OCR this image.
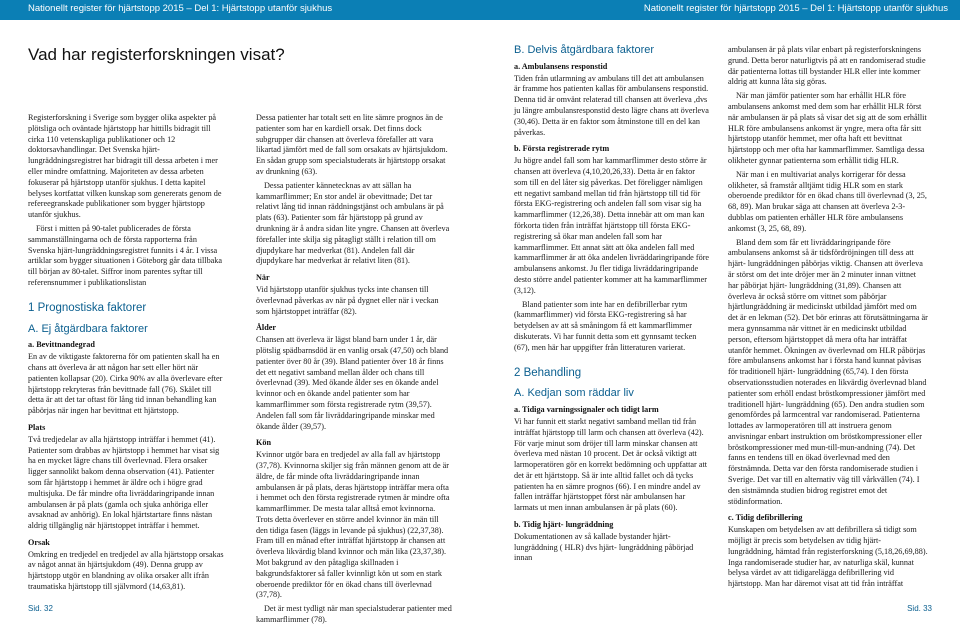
Nationellt register för hjärtstopp 2015 – Del 1: Hjärtstopp utanför sjukhus	Nationellt register för hjärtstopp 2015 – Del 1: Hjärtstopp utanför sjukhus
Vad har registerforskningen visat?

Registerforskning i Sverige som bygger olika aspekter på plötsliga och oväntade hjärtstopp har hittills bidragit till cirka 110 vetenskapliga publikationer och 12 doktorsavhandlingar. Det Svenska hjärt-lungräddningsregistret har bidragit till dessa arbeten i mer eller mindre omfattning. Majoriteten av dessa arbeten fokuserar på hjärtstopp utanför sjukhus. I detta kapitel belyses kortfattat vilken kunskap som genererats genom de refereegranskade publikationer som bygger hjärtstopp utanför sjukhus.

Först i mitten på 90-talet publicerades de första sammanställningarna och de första rapporterna från Svenska hjärt-lungräddningsregistret funnits i 4 år. I vissa artiklar som bygger situationen i Göteborg går data tillbaka till början av 80-talet. Siffror inom parentes syftar till referensnummer i publikationslistan

1 Prognostiska faktorer
A. Ej åtgärdbara faktorer
a. Bevittnandegrad

En av de viktigaste faktorerna för om patienten skall ha en chans att överleva är att någon har sett eller hört när patienten kollapsar (20). Cirka 90% av alla överlevare efter hjärtstopp rekryteras från bevittnade fall (76). Skälet till detta är att det tar oftast för lång tid innan behandling kan påbörjas när ingen har bevittnat ett hjärtstopp.

Plats

Två tredjedelar av alla hjärtstopp inträffar i hemmet (41). Patienter som drabbas av hjärtstopp i hemmet har visat sig ha en mycket lägre chans till överlevnad. Flera orsaker ligger sannolikt bakom denna observation (41). Patienter som får hjärtstopp i hemmet är äldre och i högre grad multisjuka. De får mindre ofta livräddaringripande innan ambulansen är på plats (gamla och sjuka anhöriga eller avsaknad av anhörig). En lokal hjärtstartare finns nästan aldrig tillgänglig när hjärtstoppet inträffar i hemmet.

Orsak

Omkring en tredjedel en tredjedel av alla hjärtstopp orsakas av något annat än hjärtsjukdom (49). Denna grupp av hjärtstopp utgör en blandning av olika orsaker allt ifrån traumatiska hjärtstopp till självmord (14,63,81).

Dessa patienter har totalt sett en lite sämre prognos än de patienter som har en kardiell orsak. Det finns dock subgrupper där chansen att överleva förefaller att vara likartad jämfört med de fall som orsakats av hjärtsjukdom. En sådan grupp som specialstuderats är hjärtstopp orsakat av drunkning (63).

Dessa patienter kännetecknas av att sällan ha kammarflimmer; En stor andel är obevittnade; Det tar relativt lång tid innan räddningstjänst och ambulans är på plats (63). Patienter som får hjärtstopp på grund av drunkning är å andra sidan lite yngre. Chansen att överleva förefaller inte skilja sig påtagligt ställt i relation till om djupdykare har medverkat (81). Andelen fall där djupdykare har medverkat är relativt liten (81).

När

Vid hjärtstopp utanför sjukhus tycks inte chansen till överlevnad påverkas av när på dygnet eller när i veckan som hjärtstoppet inträffar (82).

Ålder

Chansen att överleva är lägst bland barn under 1 år, där plötslig spädbarnsdöd är en vanlig orsak (47,50) och bland patienter över 80 år (39). Bland patienter över 18 år finns det ett negativt samband mellan ålder och chans till överlevnad (39). Med ökande ålder ses en ökande andel kvinnor och en ökande andel patienter som har kammarflimmer som första registrerade rytm (39,57). Andelen fall som får livräddaringripande minskar med ökande ålder (39,57).

Kön

Kvinnor utgör bara en tredjedel av alla fall av hjärtstopp (37,78). Kvinnorna skiljer sig från männen genom att de är äldre, de får minde ofta livräddaringripande innan ambulansen är på plats, deras hjärtstopp inträffar mera ofta i hemmet och den första registrerade rytmen är mindre ofta kammarflimmer. De mesta talar alltså emot kvinnorna. Trots detta överlever en större andel kvinnor än män till den tidiga fasen (läggs in levande på sjukhus) (22,37,38). Fram till en månad efter inträffat hjärtstopp är chansen att överleva likvärdig bland kvinnor och män lika (23,37,38). Mot bakgrund av den påtagliga skillnaden i bakgrundsfaktorer så faller kvinnligt kön ut som en stark oberoende prediktor för en ökad chans till överlevnad (37,78).

Det är mest tydligt när man specialstuderar patienter med kammarflimmer (78).

B. Delvis åtgärdbara faktorer
a. Ambulansens responstid

Tiden från utlarmning av ambulans till det att ambulansen är framme hos patienten kallas för ambulansens responstid. Denna tid är omvänt relaterad till chansen att överleva ,dvs ju längre ambulansresponstid desto lägre chans att överleva (30,46). Detta är en faktor som åtminstone till en del kan påverkas.

b. Första registrerade rytm

Ju högre andel fall som har kammarflimmer desto större är chansen att överleva (4,10,20,26,33). Detta är en faktor som till en del låter sig påverkas. Det föreligger nämligen ett negativt samband mellan tid från hjärtstopp till tid för första EKG-registrering och andelen fall som visar sig ha kammarflimmer (12,26,38). Detta innebär att om man kan förkorta tiden från inträffat hjärtstopp till första EKG-registrering så ökar man andelen fall som har kammarflimmer. Ett annat sätt att öka andelen fall med kammarflimmer är att öka andelen livräddaringripande före ambulansens ankomst. Ju fler tidiga livräddaringripande desto större andel patienter kommer att ha kammarflimmer (3,12).

Bland patienter som inte har en defibrillerbar rytm (kammarflimmer) vid första EKG-registrering så har betydelsen av att så småningom få ett kammarflimmer diskuterats. Vi har funnit detta som ett gynnsamt tecken (67), men här har uppgifter från litteraturen varierat.

2 Behandling
A. Kedjan som räddar liv
a. Tidiga varningssignaler och tidigt larm

Vi har funnit ett starkt negativt samband mellan tid från inträffat hjärtstopp till larm och chansen att överleva (42). För varje minut som dröjer till larm minskar chansen att överleva med nästan 10 procent. Det är också viktigt att larmoperatören gör en korrekt bedömning och uppfattar att det är ett hjärtstopp. Så är inte alltid fallet och då tycks patienten ha en sämre prognos (66). I en mindre andel av fallen inträffar hjärtstoppet först när ambulansen har larmats ut men innan ambulansen är på plats (60).

b. Tidig hjärt- lungräddning

Dokumentationen av så kallade bystander hjärt-lungräddning ( HLR) dvs hjärt- lungräddning påbörjad innan

ambulansen är på plats vilar enbart på registerforskningens grund. Detta beror naturligtvis på att en randomiserad studie där patienterna lottas till bystander HLR eller inte kommer aldrig att kunna låta sig göras.

När man jämför patienter som har erhållit HLR före ambulansens ankomst med dem som har erhållit HLR först när ambulansen är på plats så visar det sig att de som erhållit HLR före ambulansens ankomst är yngre, mera ofta får sitt hjärtstopp utanför hemmet, mer ofta haft ett bevittnat hjärtstopp och mer ofta har kammarflimmer. Samtliga dessa olikheter gynnar patienterna som erhållit tidig HLR.

När man i en multivariat analys korrigerar för dessa olikheter, så framstår alltjämt tidig HLR som en stark oberoende prediktor för en ökad chans till överlevnad (3, 25, 68, 89). Man brukar säga att chansen att överleva 2-3-dubblas om patienten erhåller HLR före ambulansens ankomst (3, 25, 68, 89).

Bland dem som får ett livräddaringripande före ambulansens ankomst så är tidsfördröjningen till dess att hjärt- lungräddningen påbörjas viktig. Chansen att överleva är störst om det inte dröjer mer än 2 minuter innan vittnet har påbörjat hjärt- lungräddning (31,89). Chansen att överleva är också större om vittnet som påbörjar hjärtlungräddning är medicinskt utbildad jämfört med om det är en lekman (52). Det bör erinras att förutsättningarna är mera gynnsamma när vittnet är en medicinskt utbildad person, eftersom hjärtstoppet då mera ofta har inträffat utanför hemmet. Ökningen av överlevnad om HLR påbörjas före ambulansens ankomst har i första hand kunnat påvisas för traditionell hjärt- lungräddning (65,74). I den första observationsstudien noterades en likvärdig överlevnad bland patienter som erhöll endast bröstkompressioner jämfört med traditionell hjärt- lungräddning (65). Den andra studien som genomfördes på larmcentral var randomiserad. Patienterna lottades av larmoperatören till att instruera genom anvisningar enbart instruktion om bröstkompressioner eller bröstkompressioner med mun-till-mun-andning (74). Det fanns en tendens till en ökad överlevnad med den förstnämnda. Detta var den första randomiserade studien i Sverige. Det var till en alternativ väg till vårkvällen (74). I den sistnämnda studien bidrog registret emot det stödinformation.

c. Tidig defibrillering

Kunskapen om betydelsen av att defibrillera så tidigt som möjligt är precis som betydelsen av tidig hjärt- lungräddning, hämtad från registerforskning (5,18,26,69,88). Inga randomiserade studier har, av naturliga skäl, kunnat belysa värdet av att tidigarelägga defibrillering vid hjärtstopp. Man har däremot visat att tid från inträffat

Sid. 32	Sid. 33
